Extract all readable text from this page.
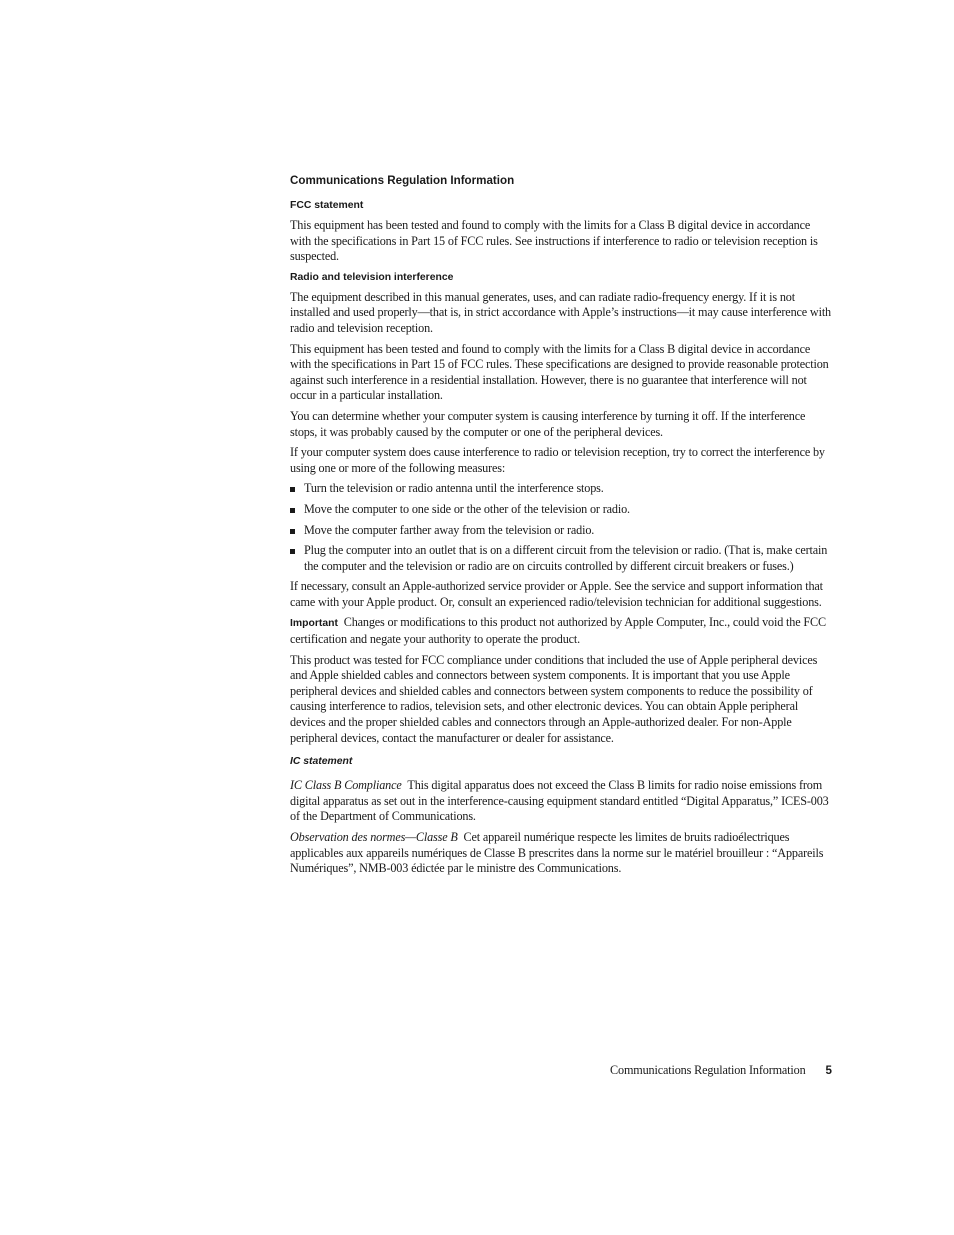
Communications Regulation Information
FCC statement

This equipment has been tested and found to comply with the limits for a Class B digital device in accordance with the specifications in Part 15 of FCC rules. See instructions if interference to radio or television reception is suspected.

Radio and television interference

The equipment described in this manual generates, uses, and can radiate radio-frequency energy. If it is not installed and used properly—that is, in strict accordance with Apple’s instructions—it may cause interference with radio and television reception.

This equipment has been tested and found to comply with the limits for a Class B digital device in accordance with the specifications in Part 15 of FCC rules. These specifications are designed to provide reasonable protection against such interference in a residential installation. However, there is no guarantee that interference will not occur in a particular installation.

You can determine whether your computer system is causing interference by turning it off. If the interference stops, it was probably caused by the computer or one of the peripheral devices.

If your computer system does cause interference to radio or television reception, try to correct the interference by using one or more of the following measures:

Turn the television or radio antenna until the interference stops.
Move the computer to one side or the other of the television or radio.
Move the computer farther away from the television or radio.
Plug the computer into an outlet that is on a different circuit from the television or radio. (That is, make certain the computer and the television or radio are on circuits controlled by different circuit breakers or fuses.)

If necessary, consult an Apple-authorized service provider or Apple. See the service and support information that came with your Apple product. Or, consult an experienced radio/television technician for additional suggestions.

Important Changes or modifications to this product not authorized by Apple Computer, Inc., could void the FCC certification and negate your authority to operate the product.

This product was tested for FCC compliance under conditions that included the use of Apple peripheral devices and Apple shielded cables and connectors between system components. It is important that you use Apple peripheral devices and shielded cables and connectors between system components to reduce the possibility of causing interference to radios, television sets, and other electronic devices. You can obtain Apple peripheral devices and the proper shielded cables and connectors through an Apple-authorized dealer. For non-Apple peripheral devices, contact the manufacturer or dealer for assistance.

IC statement

IC Class B Compliance This digital apparatus does not exceed the Class B limits for radio noise emissions from digital apparatus as set out in the interference-causing equipment standard entitled “Digital Apparatus,” ICES-003 of the Department of Communications.

Observation des normes—Classe B Cet appareil numérique respecte les limites de bruits radioélectriques applicables aux appareils numériques de Classe B prescrites dans la norme sur le matériel brouilleur : “Appareils Numériques”, NMB-003 édictée par le ministre des Communications.

Communications Regulation Information 5
